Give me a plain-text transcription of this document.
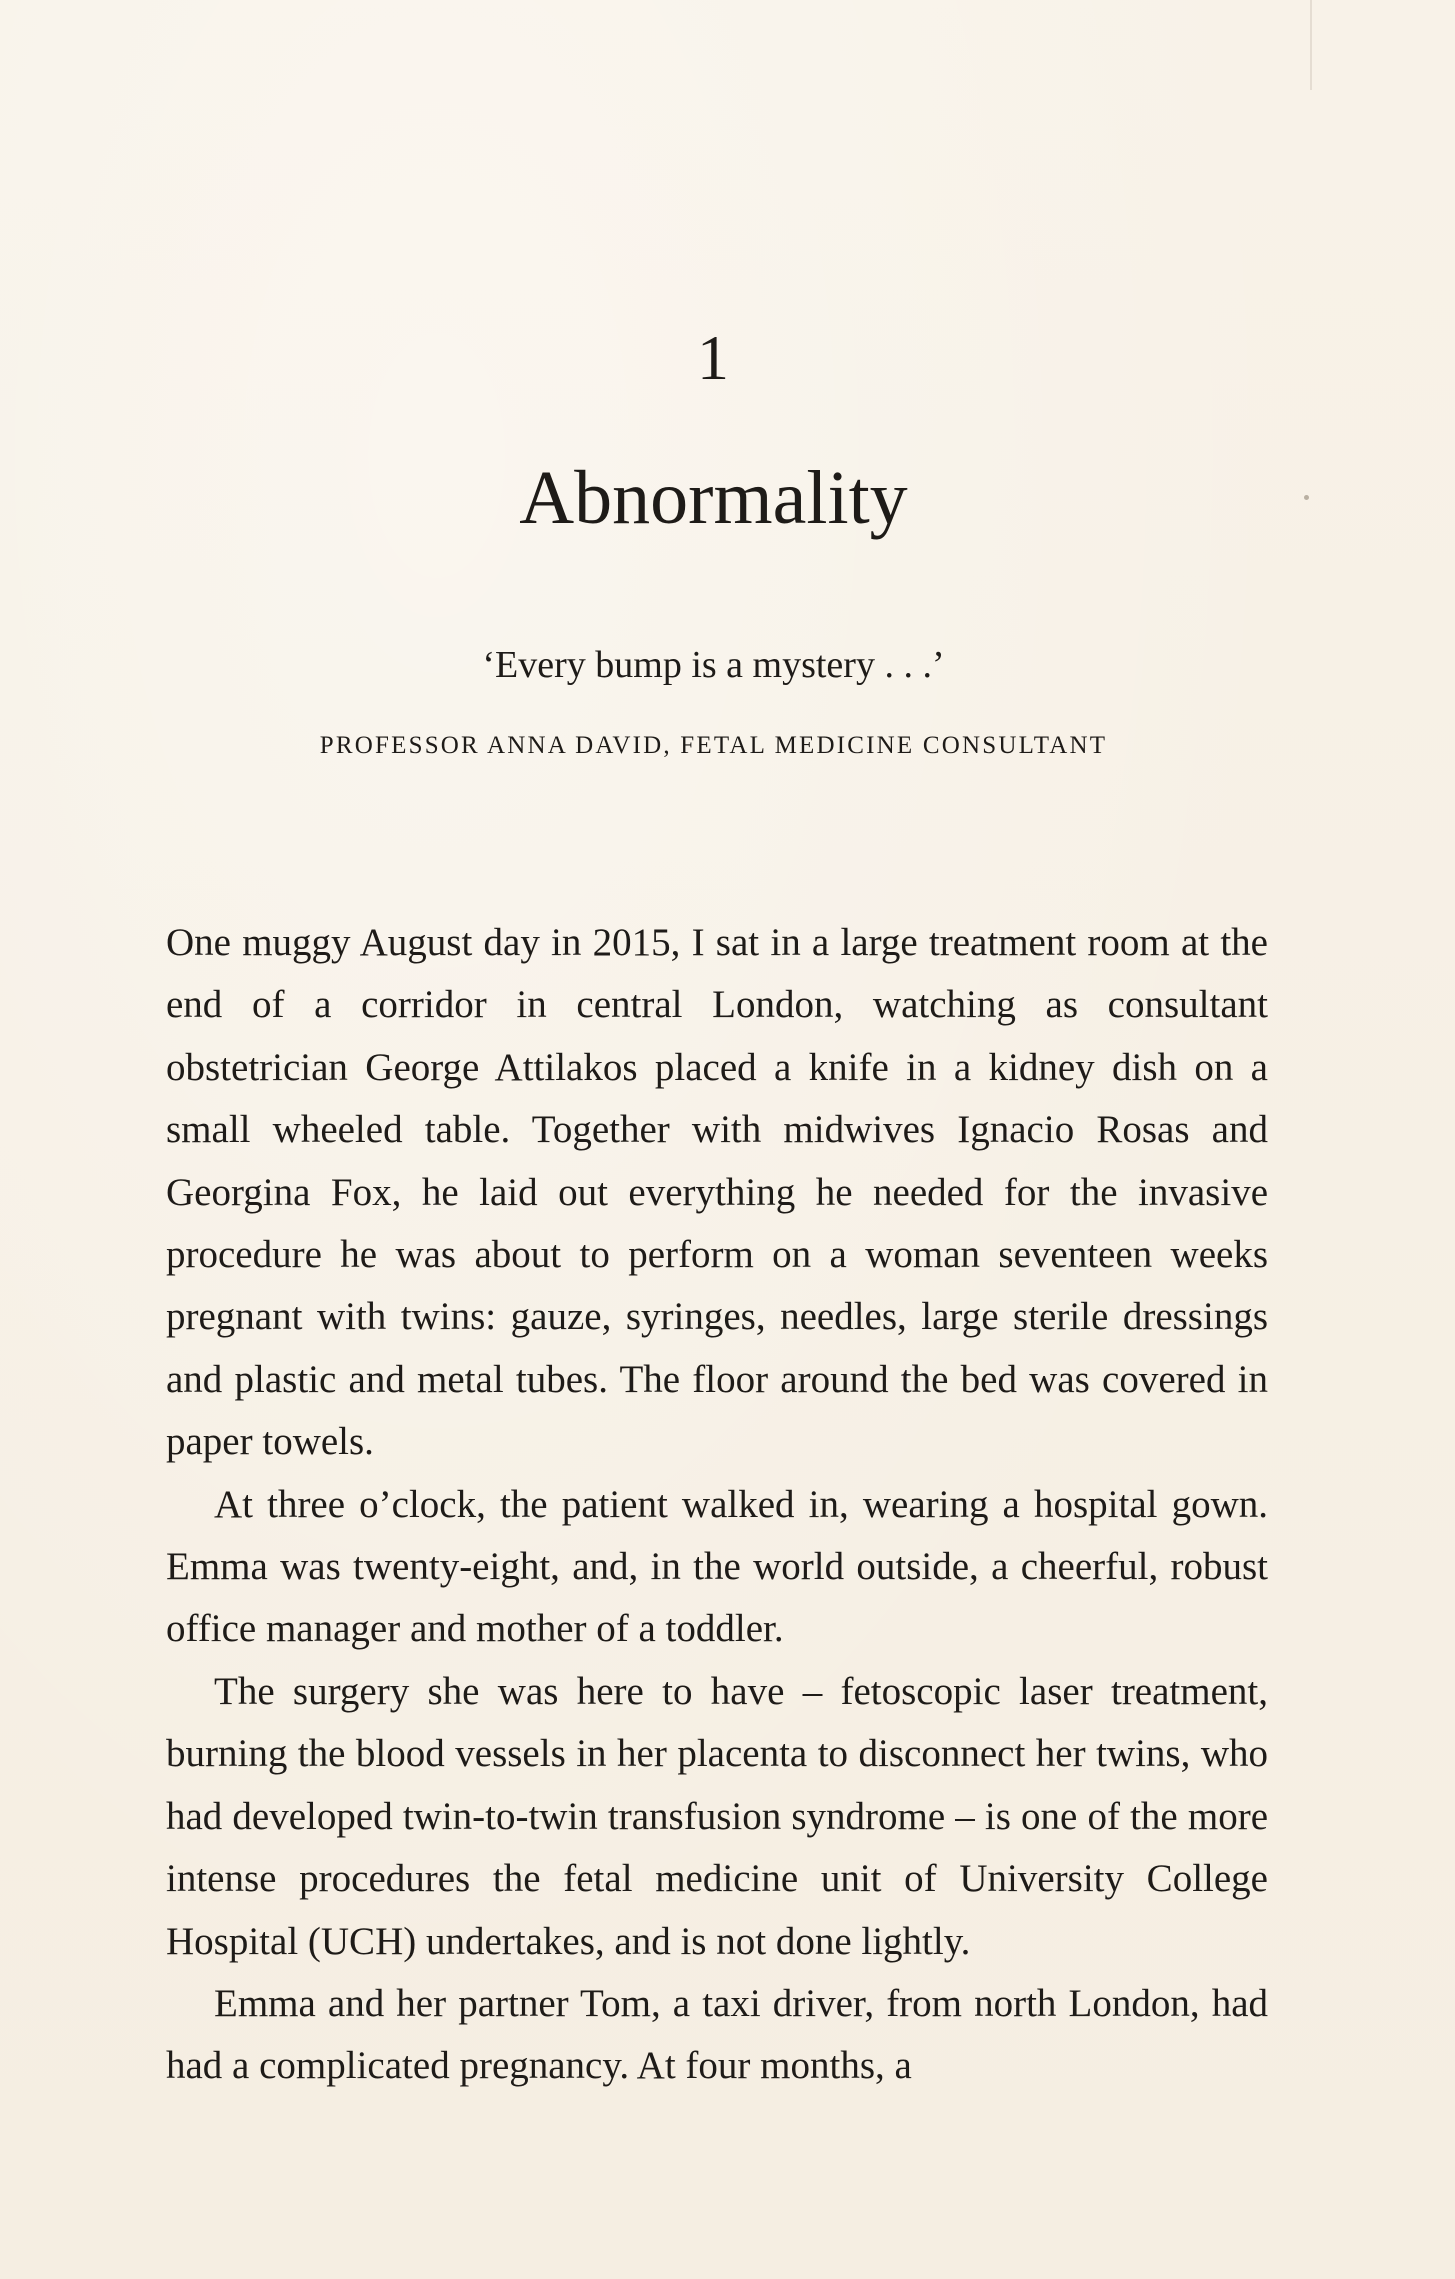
1
Abnormality
‘Every bump is a mystery . . .’
PROFESSOR ANNA DAVID, FETAL MEDICINE CONSULTANT

One muggy August day in 2015, I sat in a large treatment room at the end of a corridor in central London, watching as consultant obstetrician George Attilakos placed a knife in a kidney dish on a small wheeled table. Together with midwives Ignacio Rosas and Georgina Fox, he laid out everything he needed for the invasive procedure he was about to perform on a woman seventeen weeks pregnant with twins: gauze, syringes, needles, large sterile dressings and plastic and metal tubes. The floor around the bed was covered in paper towels.

At three o’clock, the patient walked in, wearing a hospital gown. Emma was twenty-eight, and, in the world outside, a cheerful, robust office manager and mother of a toddler.

The surgery she was here to have – fetoscopic laser treatment, burning the blood vessels in her placenta to disconnect her twins, who had developed twin-to-twin transfusion syndrome – is one of the more intense procedures the fetal medicine unit of University College Hospital (UCH) undertakes, and is not done lightly.

Emma and her partner Tom, a taxi driver, from north London, had had a complicated pregnancy. At four months, a
